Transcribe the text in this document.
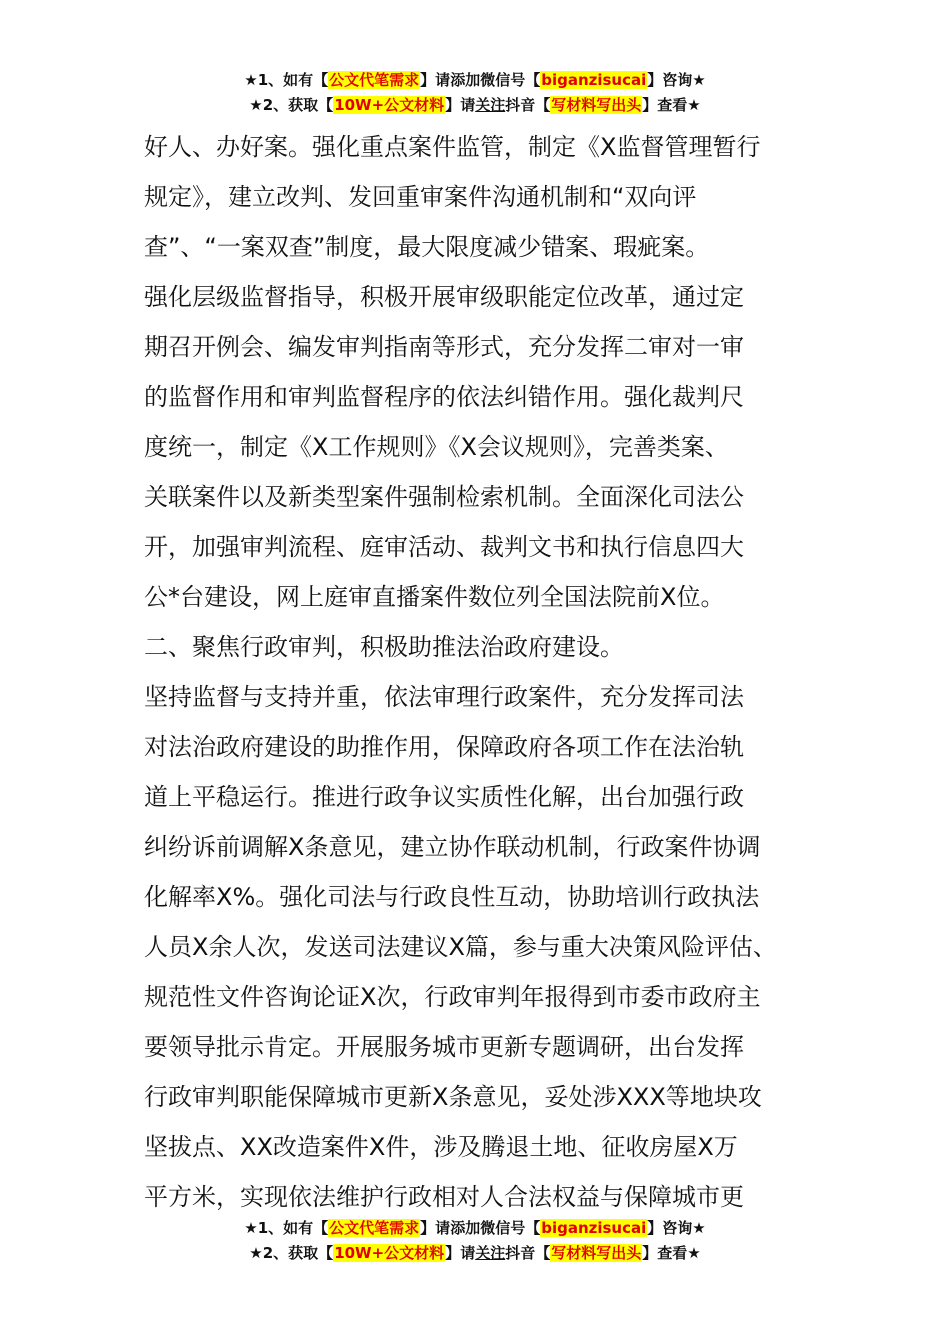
★1、如有【公文代笔需求】请添加微信号【biganzisucai】咨询★
★2、获取【10W+公文材料】请关注抖音【写材料写出头】查看★
好人、办好案。强化重点案件监管，制定《X监督管理暂行
规定》，建立改判、发回重审案件沟通机制和“双向评
查”、“一案双查”制度，最大限度减少错案、瑕疵案。
强化层级监督指导，积极开展审级职能定位改革，通过定
期召开例会、编发审判指南等形式，充分发挥二审对一审
的监督作用和审判监督程序的依法纠错作用。强化裁判尺
度统一，制定《X工作规则》《X会议规则》，完善类案、
关联案件以及新类型案件强制检索机制。全面深化司法公
开，加强审判流程、庭审活动、裁判文书和执行信息四大
公*台建设，网上庭审直播案件数位列全国法院前X位。
二、聚焦行政审判，积极助推法治政府建设。
坚持监督与支持并重，依法审理行政案件，充分发挥司法
对法治政府建设的助推作用，保障政府各项工作在法治轨
道上平稳运行。推进行政争议实质性化解，出台加强行政
纠纷诉前调解X条意见，建立协作联动机制，行政案件协调
化解率X%。强化司法与行政良性互动，协助培训行政执法
人员X余人次，发送司法建议X篇，参与重大决策风险评估、
规范性文件咨询论证X次，行政审判年报得到市委市政府主
要领导批示肯定。开展服务城市更新专题调研，出台发挥
行政审判职能保障城市更新X条意见，妥处涉XXX等地块攻
坚拔点、XX改造案件X件，涉及腾退土地、征收房屋X万
平方米，实现依法维护行政相对人合法权益与保障城市更
★1、如有【公文代笔需求】请添加微信号【biganzisucai】咨询★
★2、获取【10W+公文材料】请关注抖音【写材料写出头】查看★
